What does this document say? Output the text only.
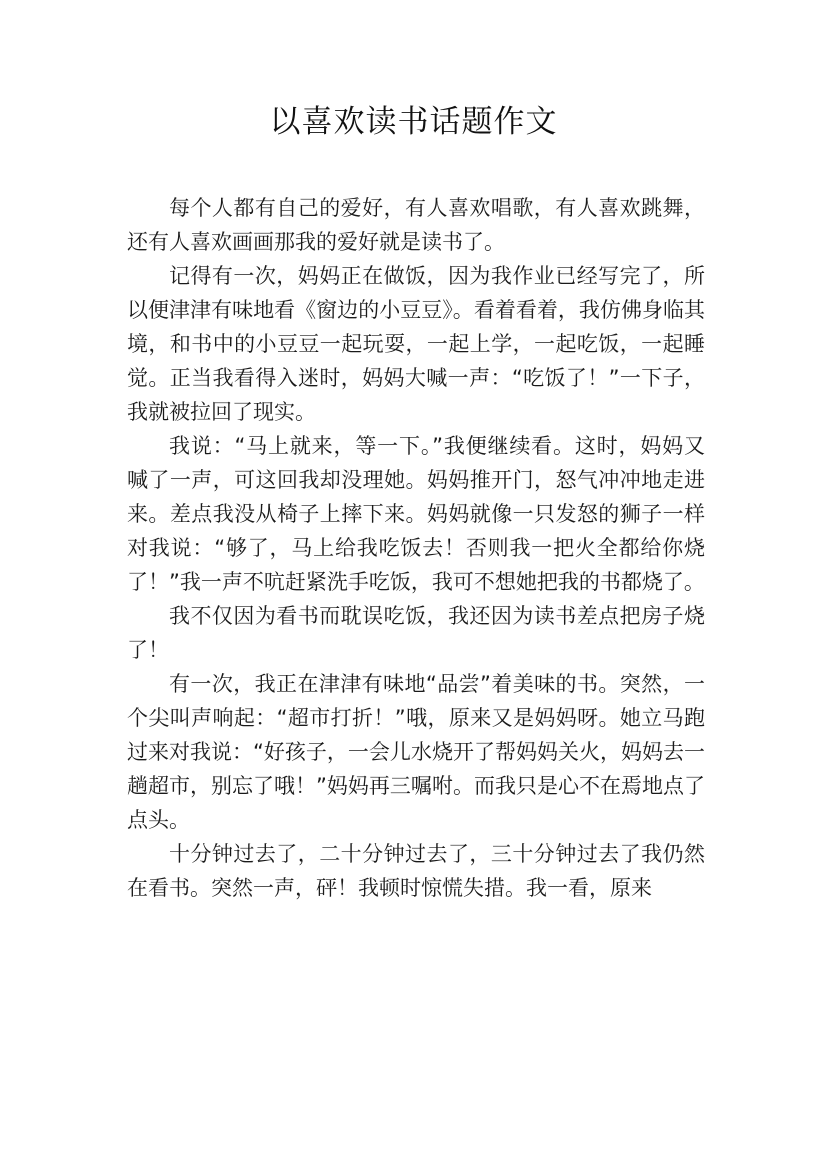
以喜欢读书话题作文

每个人都有自己的爱好，有人喜欢唱歌，有人喜欢跳舞，还有人喜欢画画那我的爱好就是读书了。

记得有一次，妈妈正在做饭，因为我作业已经写完了，所以便津津有味地看《窗边的小豆豆》。看着看着，我仿佛身临其境，和书中的小豆豆一起玩耍，一起上学，一起吃饭，一起睡觉。正当我看得入迷时，妈妈大喊一声：“吃饭了！”一下子，我就被拉回了现实。

我说：“马上就来，等一下。”我便继续看。这时，妈妈又喊了一声，可这回我却没理她。妈妈推开门，怒气冲冲地走进来。差点我没从椅子上摔下来。妈妈就像一只发怒的狮子一样对我说：“够了，马上给我吃饭去！否则我一把火全都给你烧了！”我一声不吭赶紧洗手吃饭，我可不想她把我的书都烧了。

我不仅因为看书而耽误吃饭，我还因为读书差点把房子烧了！

有一次，我正在津津有味地“品尝”着美味的书。突然，一个尖叫声响起：“超市打折！”哦，原来又是妈妈呀。她立马跑过来对我说：“好孩子，一会儿水烧开了帮妈妈关火，妈妈去一趟超市，别忘了哦！”妈妈再三嘱咐。而我只是心不在焉地点了点头。

十分钟过去了，二十分钟过去了，三十分钟过去了我仍然在看书。突然一声，砰！我顿时惊慌失措。我一看，原来
